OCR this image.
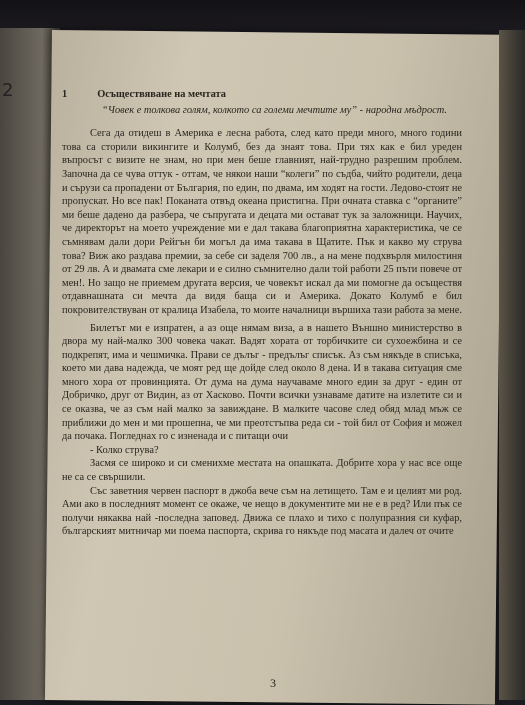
2	1	Осъществяване на мечтата

“Човек е толкова голям, колкото са големи мечтите му” - народна мъдрост.

Сега да отидеш в Америка е лесна работа, след като преди много, много години това са сторили викингите и Колумб, без да знаят това. При тях как е бил уреден въпросът с визите не знам, но при мен беше главният, най-трудно разрешим проблем. Започна да се чува оттук - оттам, че някои наши “колеги” по съдба, чийто родители, деца и сърузи са пропадени от България, по един, по двама, им ходят на гости. Ледово-стоят не пропускат. Но все пак! Поканата отвъд океана пристигна. При очната ставка с “органите” ми беше дадено да разбера, че съпругата и децата ми остават тук за заложници. Научих, че директорът на моето учреждение ми е дал такава благоприятна характеристика, че се съмнявам дали дори Рейгън би могъл да има такава в Щатите. Пък и какво му струва това? Виж ако раздава премии, за себе си заделя 700 лв., а на мене подхвърля милостиня от 29 лв. А и двамата сме лекари и е силно съмнително дали той работи 25 пъти повече от мен!. Но защо не приемем другата версия, че човекът искал да ми помогне да осъществя отдавнашната си мечта да видя баща си и Америка. Докато Колумб е бил покровителствуван от кралица Изабела, то моите началници вършиха тази работа за мене.

Билетът ми е изпратен, а аз още нямам виза, а в нашето Външно министерство в двора му най-малко 300 човека чакат. Вадят хората от торбичките си сухоежбина и се подкрепят, има и чешмичка. Прави се дълъг - предълъг списък. Аз съм някъде в списъка, което ми дава надежда, че моят ред ще дойде след около 8 дена. И в такава ситуация сме много хора от провинцията. От дума на дума научаваме много един за друг - един от Добричко, друг от Видин, аз от Хасково. Почти всички узнаваме датите на излетите си и се оказва, че аз съм най малко за завиждане. В малките часове след обяд млад мъж се приближи до мен и ми прошепна, че ми преотстъпва реда си - той бил от София и можел да почака. Погледнах го с изненада и с питащи очи

- Колко струва?

Засмя се широко и си сменихме местата на опашката. Добрите хора у нас все още не са се свършили.

Със заветния червен паспорт в джоба вече съм на летището. Там е и целият ми род. Ами ако в последният момент се окаже, че нещо в документите ми не е в ред? Или пък се получи някаква най -последна заповед. Движа се плахо и тихо с полупразния си куфар, българският митничар ми поема паспорта, скрива го някъде под масата и далеч от очите

3
